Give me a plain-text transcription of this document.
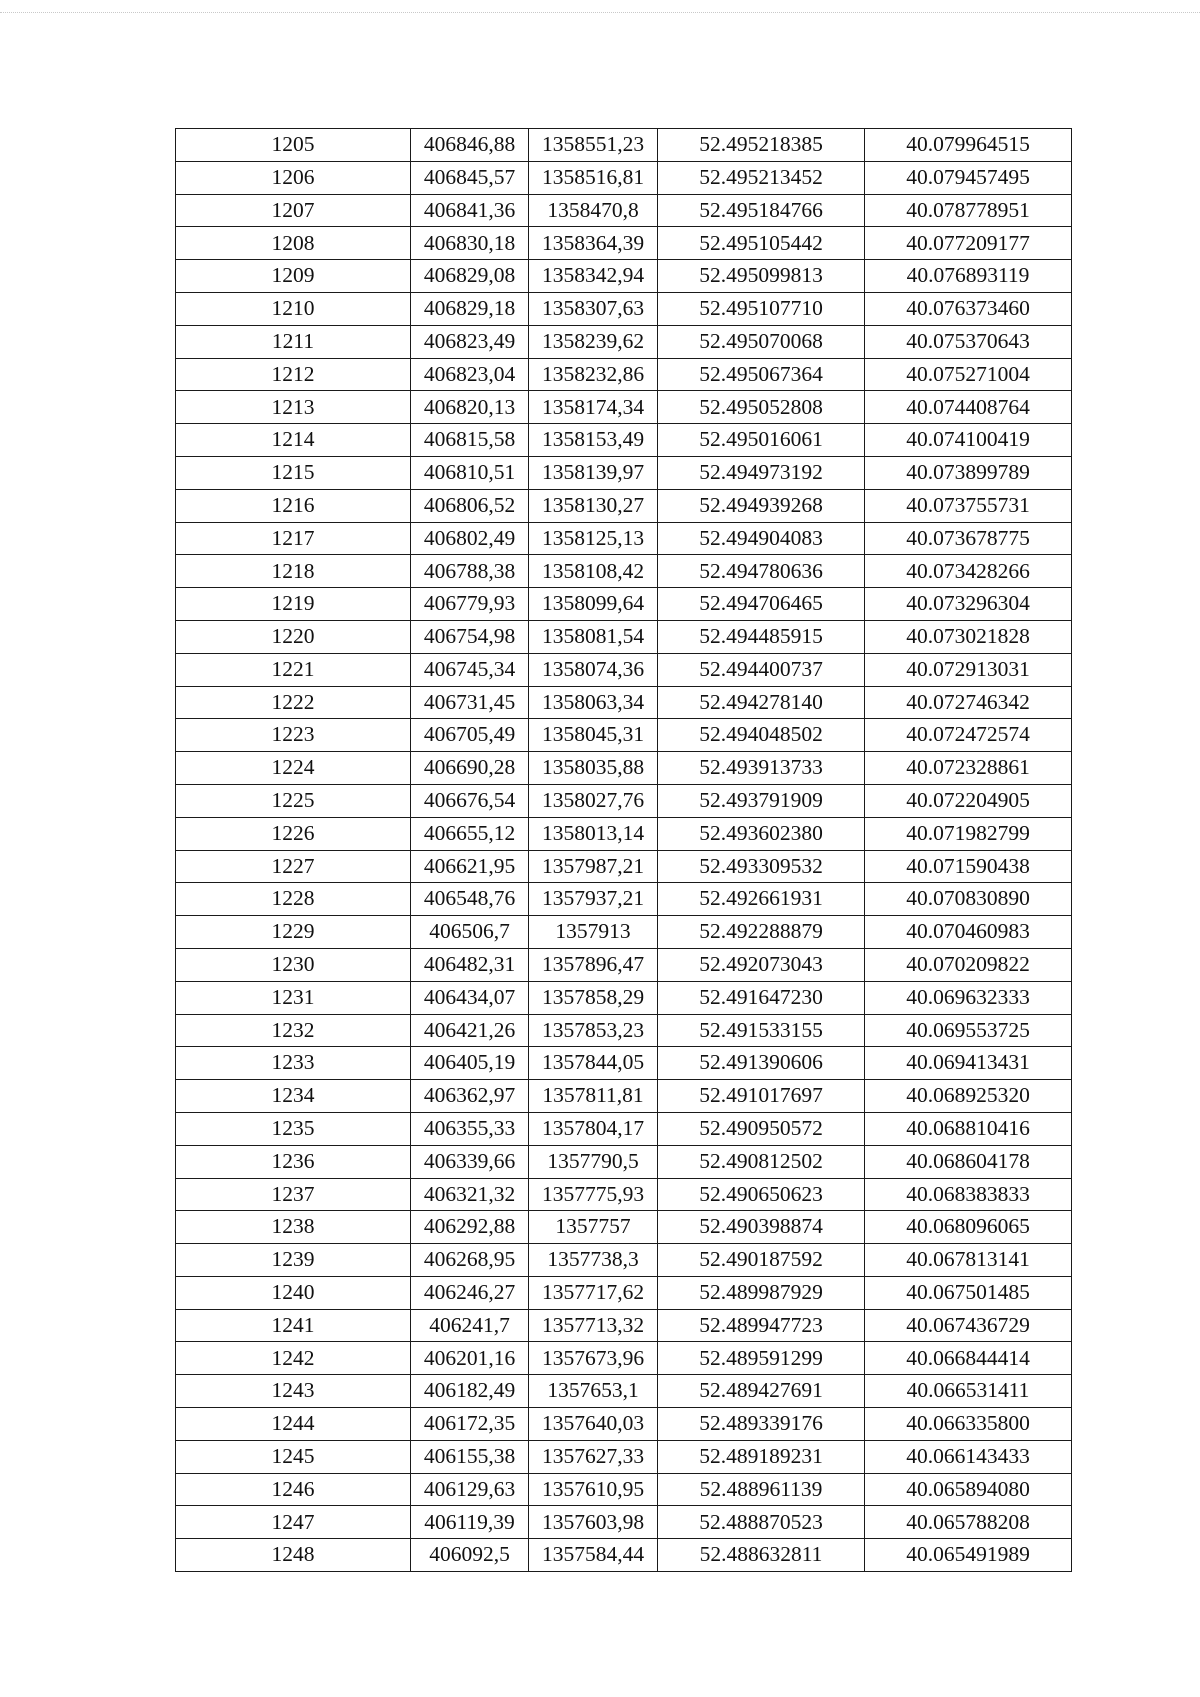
1205	406846,88	1358551,23	52.495218385	40.079964515
1206	406845,57	1358516,81	52.495213452	40.079457495
1207	406841,36	1358470,8	52.495184766	40.078778951
1208	406830,18	1358364,39	52.495105442	40.077209177
1209	406829,08	1358342,94	52.495099813	40.076893119
1210	406829,18	1358307,63	52.495107710	40.076373460
1211	406823,49	1358239,62	52.495070068	40.075370643
1212	406823,04	1358232,86	52.495067364	40.075271004
1213	406820,13	1358174,34	52.495052808	40.074408764
1214	406815,58	1358153,49	52.495016061	40.074100419
1215	406810,51	1358139,97	52.494973192	40.073899789
1216	406806,52	1358130,27	52.494939268	40.073755731
1217	406802,49	1358125,13	52.494904083	40.073678775
1218	406788,38	1358108,42	52.494780636	40.073428266
1219	406779,93	1358099,64	52.494706465	40.073296304
1220	406754,98	1358081,54	52.494485915	40.073021828
1221	406745,34	1358074,36	52.494400737	40.072913031
1222	406731,45	1358063,34	52.494278140	40.072746342
1223	406705,49	1358045,31	52.494048502	40.072472574
1224	406690,28	1358035,88	52.493913733	40.072328861
1225	406676,54	1358027,76	52.493791909	40.072204905
1226	406655,12	1358013,14	52.493602380	40.071982799
1227	406621,95	1357987,21	52.493309532	40.071590438
1228	406548,76	1357937,21	52.492661931	40.070830890
1229	406506,7	1357913	52.492288879	40.070460983
1230	406482,31	1357896,47	52.492073043	40.070209822
1231	406434,07	1357858,29	52.491647230	40.069632333
1232	406421,26	1357853,23	52.491533155	40.069553725
1233	406405,19	1357844,05	52.491390606	40.069413431
1234	406362,97	1357811,81	52.491017697	40.068925320
1235	406355,33	1357804,17	52.490950572	40.068810416
1236	406339,66	1357790,5	52.490812502	40.068604178
1237	406321,32	1357775,93	52.490650623	40.068383833
1238	406292,88	1357757	52.490398874	40.068096065
1239	406268,95	1357738,3	52.490187592	40.067813141
1240	406246,27	1357717,62	52.489987929	40.067501485
1241	406241,7	1357713,32	52.489947723	40.067436729
1242	406201,16	1357673,96	52.489591299	40.066844414
1243	406182,49	1357653,1	52.489427691	40.066531411
1244	406172,35	1357640,03	52.489339176	40.066335800
1245	406155,38	1357627,33	52.489189231	40.066143433
1246	406129,63	1357610,95	52.488961139	40.065894080
1247	406119,39	1357603,98	52.488870523	40.065788208
1248	406092,5	1357584,44	52.488632811	40.065491989
